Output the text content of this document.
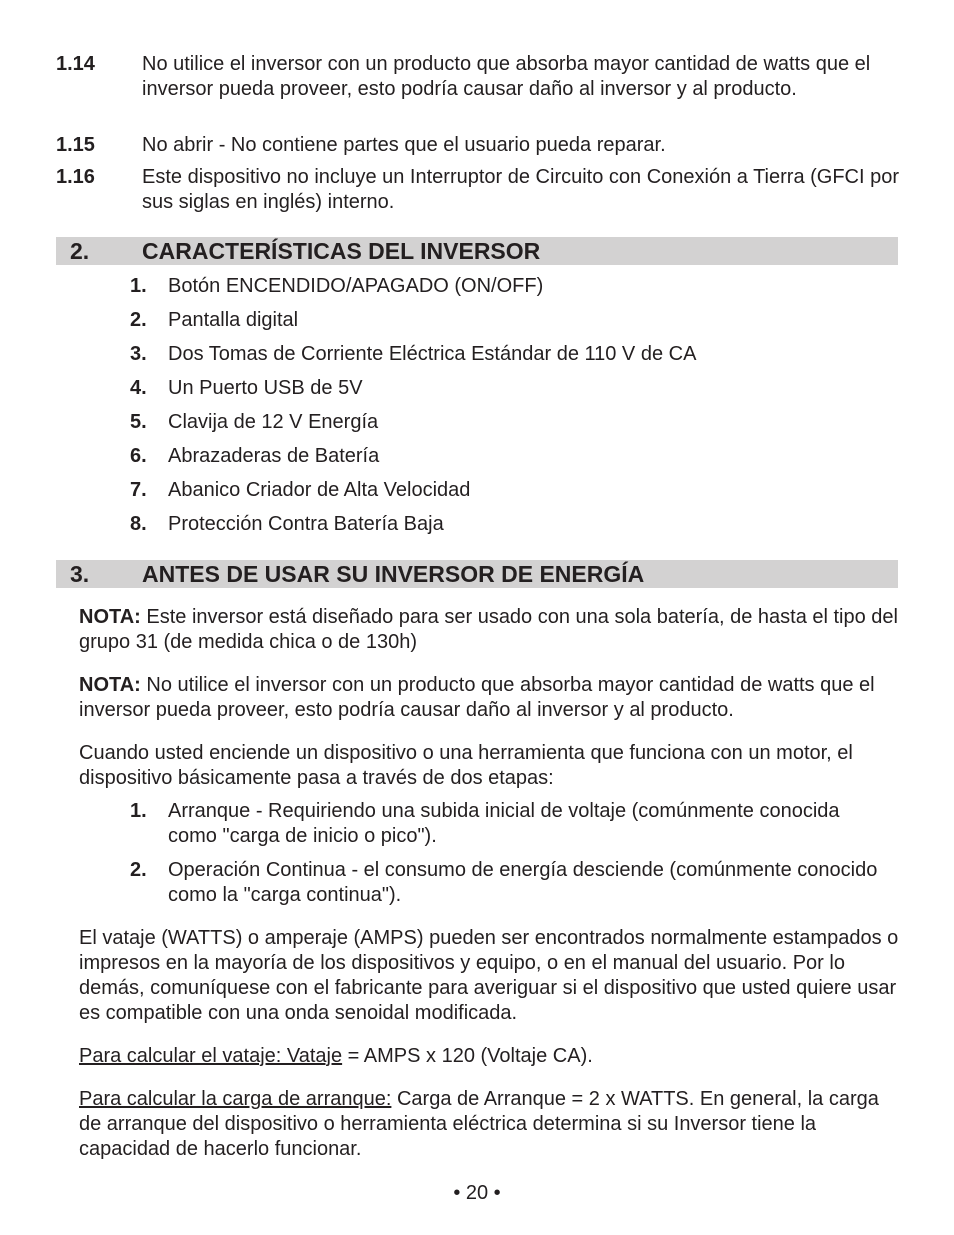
1.14 No utilice el inversor con un producto que absorba mayor cantidad de watts que el inversor pueda proveer, esto podría causar daño al inversor y al producto.
1.15 No abrir - No contiene partes que el usuario pueda reparar.
1.16 Este dispositivo no incluye un Interruptor de Circuito con Conexión a Tierra (GFCI por sus siglas en inglés) interno.
2. CARACTERÍSTICAS DEL INVERSOR
1. Botón ENCENDIDO/APAGADO (ON/OFF)
2. Pantalla digital
3. Dos Tomas de Corriente Eléctrica Estándar de 110 V de CA
4. Un Puerto USB de 5V
5. Clavija de 12 V Energía
6. Abrazaderas de Batería
7. Abanico Criador de Alta Velocidad
8. Protección Contra Batería Baja
3. ANTES DE USAR SU INVERSOR DE ENERGÍA
NOTA: Este inversor está diseñado para ser usado con una sola batería, de hasta el tipo del grupo 31 (de medida chica o de 130h)
NOTA: No utilice el inversor con un producto que absorba mayor cantidad de watts que el inversor pueda proveer, esto podría causar daño al inversor y al producto.
Cuando usted enciende un dispositivo o una herramienta que funciona con un motor, el dispositivo básicamente pasa a través de dos etapas:
1. Arranque - Requiriendo una subida inicial de voltaje (comúnmente conocida como "carga de inicio o pico").
2. Operación Continua - el consumo de energía desciende (comúnmente conocido como la "carga continua").
El vataje (WATTS) o amperaje (AMPS) pueden ser encontrados normalmente estampados o impresos en la mayoría de los dispositivos y equipo, o en el manual del usuario. Por lo demás, comuníquese con el fabricante para averiguar si el dispositivo que usted quiere usar es compatible con una onda senoidal modificada.
Para calcular el vataje: Vataje = AMPS x 120 (Voltaje CA).
Para calcular la carga de arranque: Carga de Arranque = 2 x WATTS. En general, la carga de arranque del dispositivo o herramienta eléctrica determina si su Inversor tiene la capacidad de hacerlo funcionar.
• 20 •
